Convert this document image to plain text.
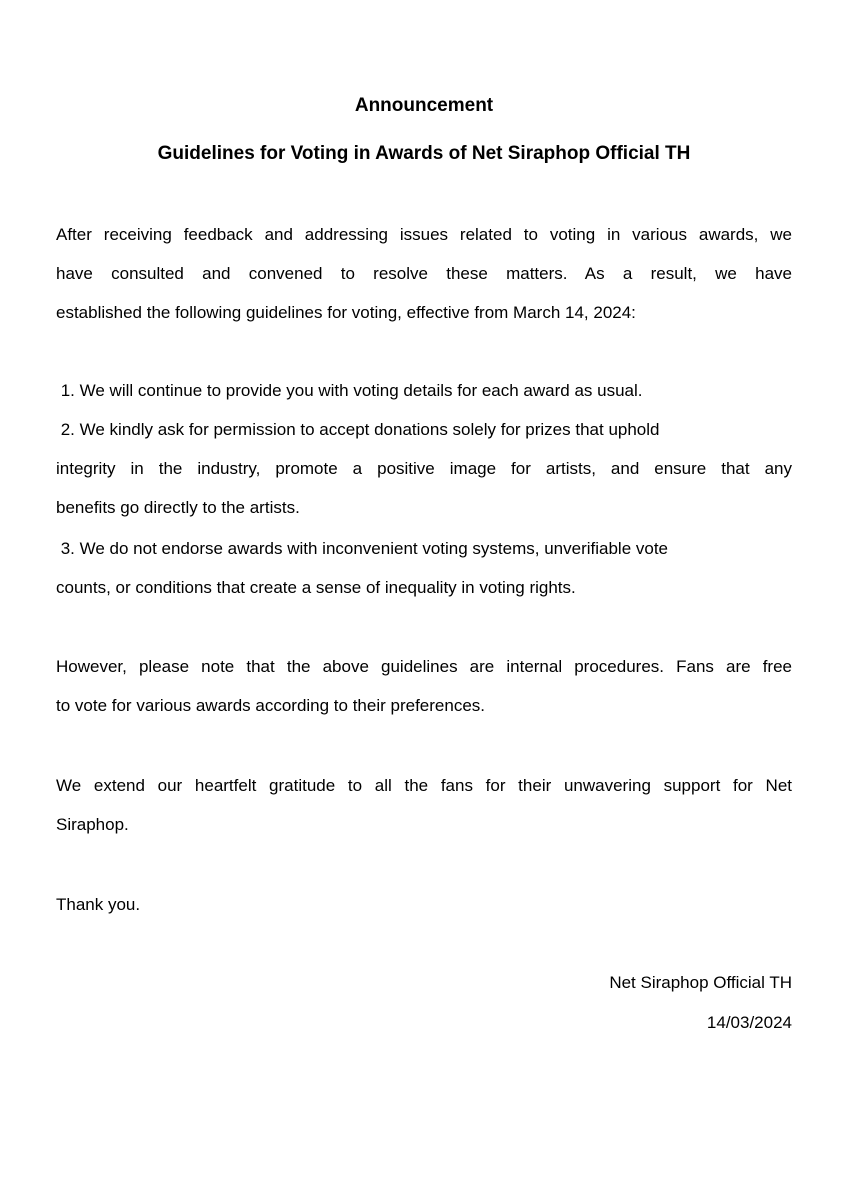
Announcement
Guidelines for Voting in Awards of Net Siraphop Official TH

After receiving feedback and addressing issues related to voting in various awards, we

have consulted and convened to resolve these matters. As a result, we have

established the following guidelines for voting, effective from March 14, 2024:

1. We will continue to provide you with voting details for each award as usual.

2. We kindly ask for permission to accept donations solely for prizes that uphold

integrity in the industry, promote a positive image for artists, and ensure that any

benefits go directly to the artists.

3. We do not endorse awards with inconvenient voting systems, unverifiable vote

counts, or conditions that create a sense of inequality in voting rights.

However, please note that the above guidelines are internal procedures. Fans are free

to vote for various awards according to their preferences.

We extend our heartfelt gratitude to all the fans for their unwavering support for Net

Siraphop.

Thank you.

Net Siraphop Official TH

14/03/2024
